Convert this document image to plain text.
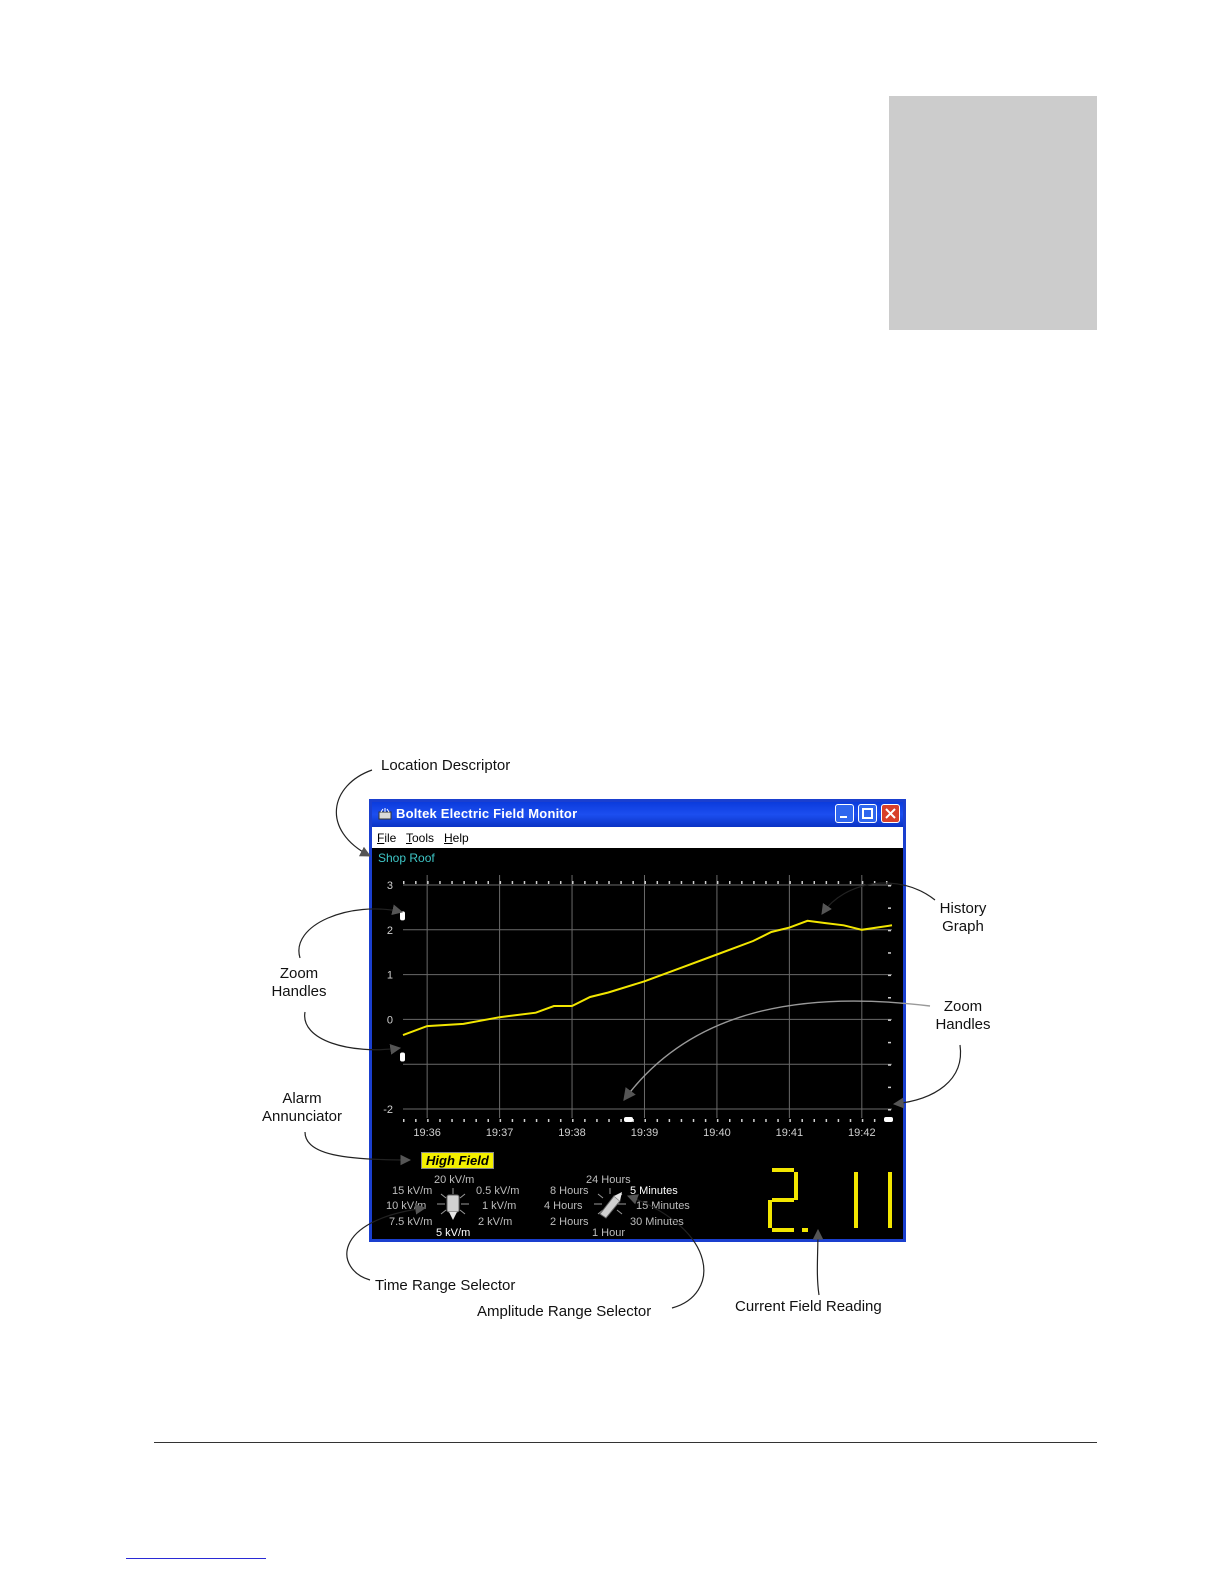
Location Descriptor
History
Graph
Zoom
Handles
Zoom
Handles
Alarm
Annunciator
Time Range Selector
Amplitude Range Selector	Current Field Reading
Boltek Electric Field Monitor
File Tools Help
Shop Roof
3
2
1
0
-2
19:36	19:37	19:38	19:39	19:40	19:41	19:42
High Field
20 kV/m
15 kV/m
10 kV/m
7.5 kV/m
5 kV/m
2 kV/m
1 kV/m
0.5 kV/m
24 Hours
8 Hours
4 Hours
2 Hours
1 Hour
30 Minutes
15 Minutes
5 Minutes
